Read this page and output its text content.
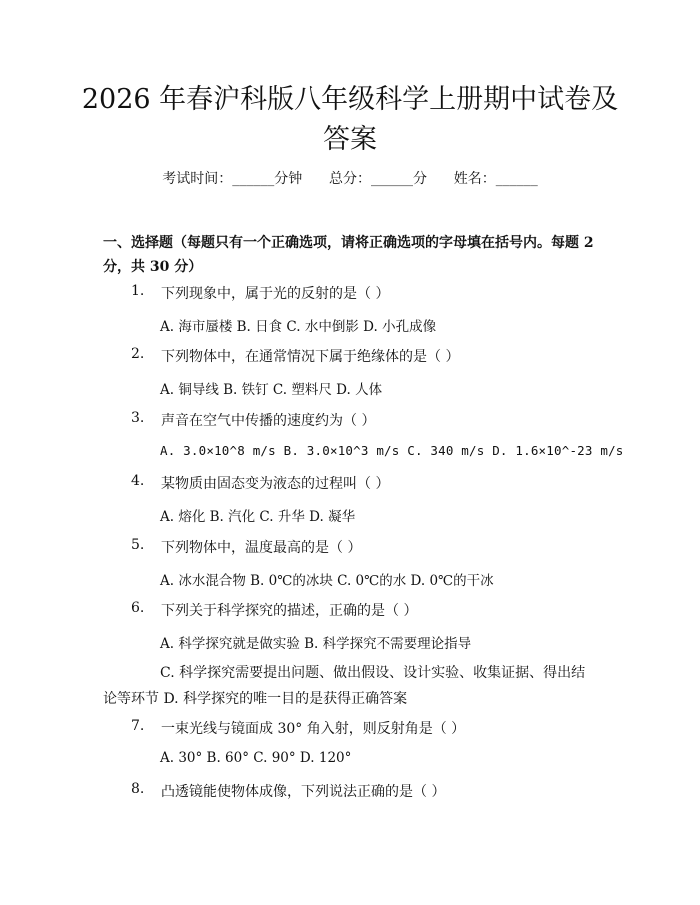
2026 年春沪科版八年级科学上册期中试卷及答案
考试时间：______分钟 总分：______分 姓名：______
一、选择题（每题只有一个正确选项，请将正确选项的字母填在括号内。每题 2 分，共 30 分）
1. 下列现象中，属于光的反射的是（ ）
A. 海市蜃楼 B. 日食 C. 水中倒影 D. 小孔成像
2. 下列物体中，在通常情况下属于绝缘体的是（ ）
A. 铜导线 B. 铁钉 C. 塑料尺 D. 人体
3. 声音在空气中传播的速度约为（ ）
A. 3.0×10^8 m/s B. 3.0×10^3 m/s C. 340 m/s D. 1.6×10^-23 m/s
4. 某物质由固态变为液态的过程叫（ ）
A. 熔化 B. 汽化 C. 升华 D. 凝华
5. 下列物体中，温度最高的是（ ）
A. 冰水混合物 B. 0℃的冰块 C. 0℃的水 D. 0℃的干冰
6. 下列关于科学探究的描述，正确的是（ ）
A. 科学探究就是做实验 B. 科学探究不需要理论指导
C. 科学探究需要提出问题、做出假设、设计实验、收集证据、得出结论等环节 D. 科学探究的唯一目的是获得正确答案
7. 一束光线与镜面成 30° 角入射，则反射角是（ ）
A. 30° B. 60° C. 90° D. 120°
8. 凸透镜能使物体成像，下列说法正确的是（ ）
